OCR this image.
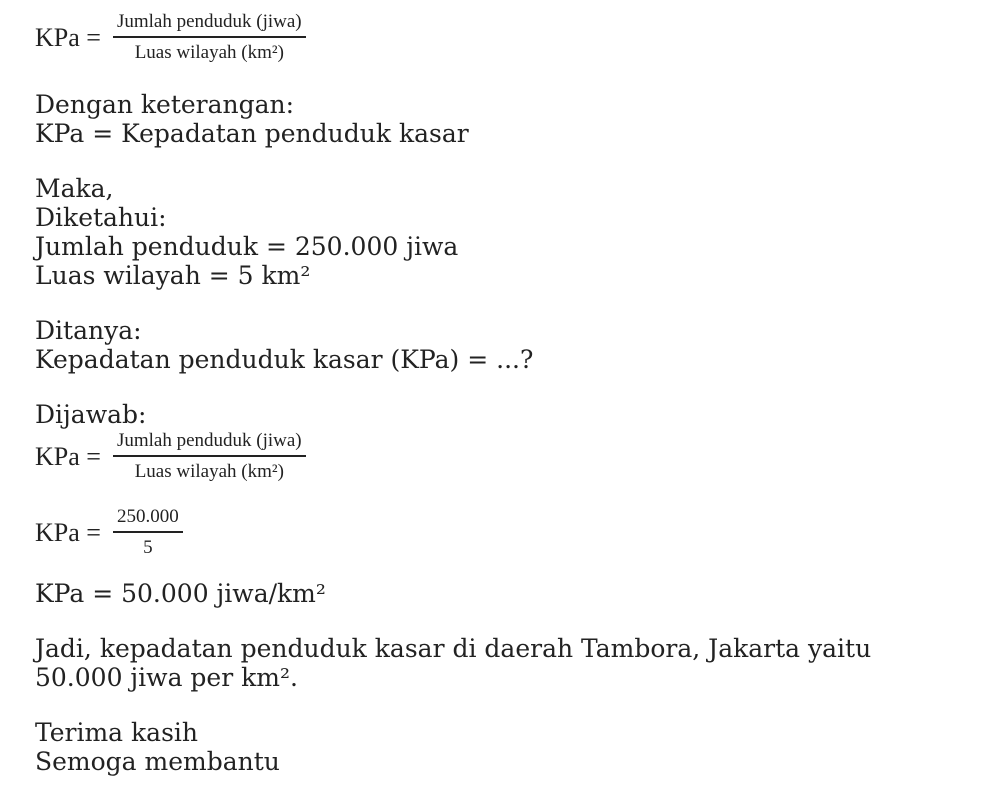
KPa = $\frac{\text{Jumlah penduduk (jiwa)}}{\text{Luas wilayah (km²)}}$
Dengan keterangan:
KPa = Kepadatan penduduk kasar
Maka,
Diketahui:
Jumlah penduduk = 250.000 jiwa
Luas wilayah = 5 km²
Ditanya:
Kepadatan penduduk kasar (KPa) = ...?
Dijawab:
KPa = $\frac{\text{Jumlah penduduk (jiwa)}}{\text{Luas wilayah (km²)}}$
KPa = $\frac{250.000}{5}$
KPa = 50.000 jiwa/km²
Jadi, kepadatan penduduk kasar di daerah Tambora, Jakarta yaitu 50.000 jiwa per km².
Terima kasih
Semoga membantu
